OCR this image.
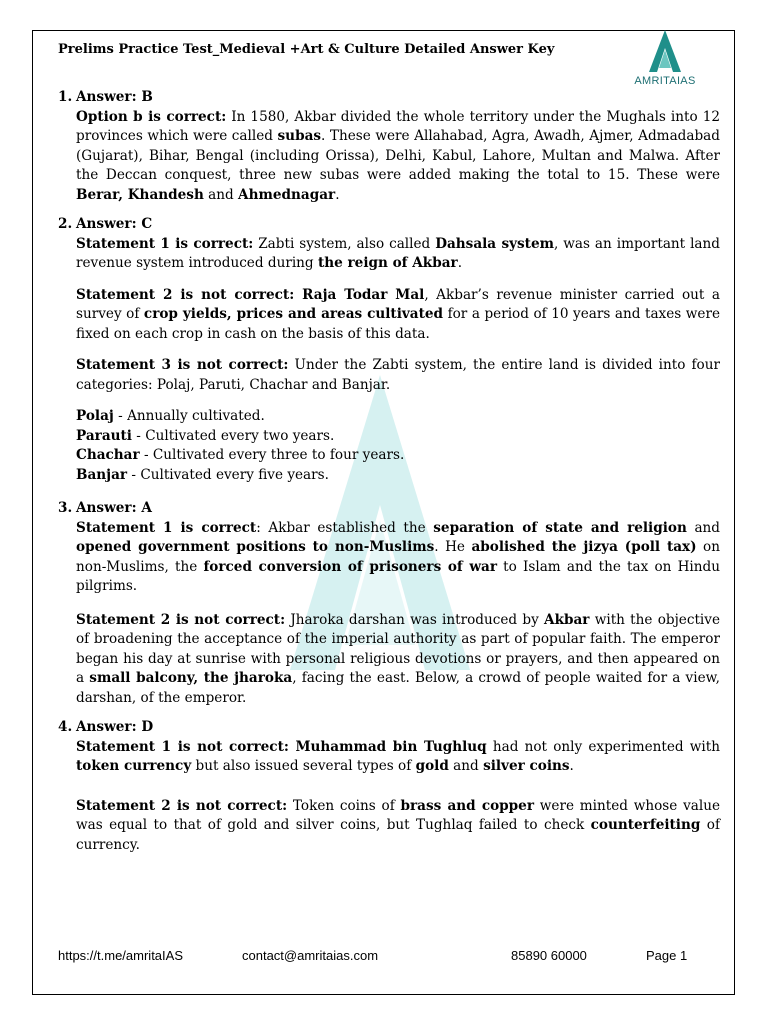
Prelims Practice Test_Medieval +Art & Culture Detailed Answer Key
AMRITAIAS
1. Answer: B

Option b is correct: In 1580, Akbar divided the whole territory under the Mughals into 12 provinces which were called subas. These were Allahabad, Agra, Awadh, Ajmer, Admadabad (Gujarat), Bihar, Bengal (including Orissa), Delhi, Kabul, Lahore, Multan and Malwa. After the Deccan conquest, three new subas were added making the total to 15. These were Berar, Khandesh and Ahmednagar.

2. Answer: C

Statement 1 is correct: Zabti system, also called Dahsala system, was an important land revenue system introduced during the reign of Akbar.

Statement 2 is not correct: Raja Todar Mal, Akbar’s revenue minister carried out a survey of crop yields, prices and areas cultivated for a period of 10 years and taxes were fixed on each crop in cash on the basis of this data.

Statement 3 is not correct: Under the Zabti system, the entire land is divided into four categories: Polaj, Paruti, Chachar and Banjar.

Polaj - Annually cultivated.

Parauti - Cultivated every two years.

Chachar - Cultivated every three to four years.

Banjar - Cultivated every five years.

3. Answer: A

Statement 1 is correct: Akbar established the separation of state and religion and opened government positions to non-Muslims. He abolished the jizya (poll tax) on non-Muslims, the forced conversion of prisoners of war to Islam and the tax on Hindu pilgrims.

Statement 2 is not correct: Jharoka darshan was introduced by Akbar with the objective of broadening the acceptance of the imperial authority as part of popular faith. The emperor began his day at sunrise with personal religious devotions or prayers, and then appeared on a small balcony, the jharoka, facing the east. Below, a crowd of people waited for a view, darshan, of the emperor.

4. Answer: D

Statement 1 is not correct: Muhammad bin Tughluq had not only experimented with token currency but also issued several types of gold and silver coins.

Statement 2 is not correct: Token coins of brass and copper were minted whose value was equal to that of gold and silver coins, but Tughlaq failed to check counterfeiting of currency.

https://t.me/amritaIAS	contact@amritaias.com	85890 60000	Page 1
